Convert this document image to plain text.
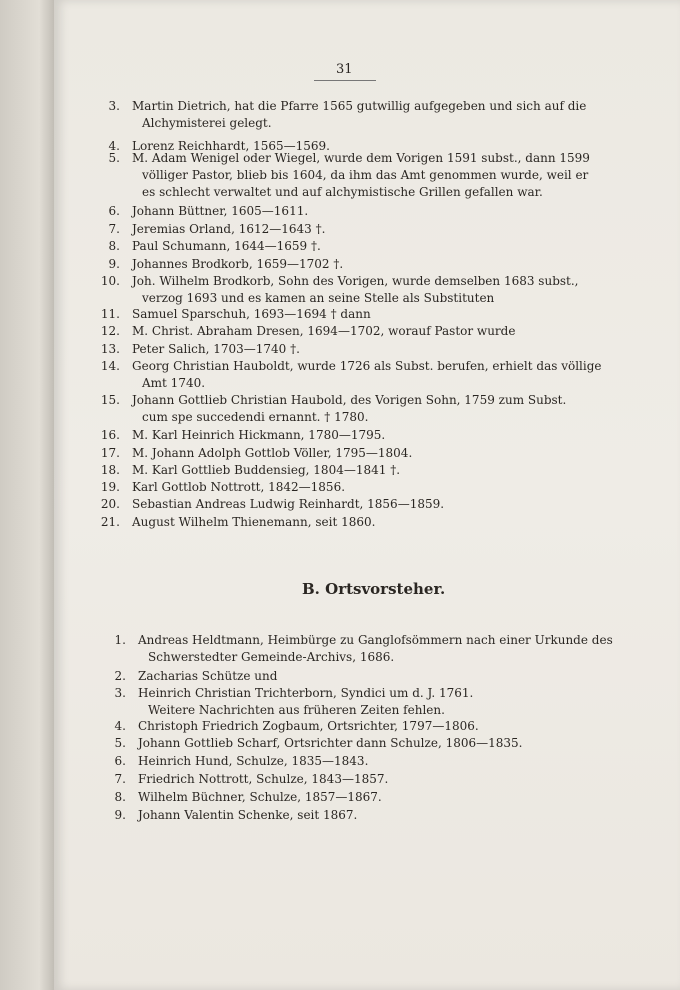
31
3. Martin Dietrich, hat die Pfarre 1565 gutwillig aufgegeben und sich auf die
Alchymisterei gelegt.
4. Lorenz Reichhardt, 1565—1569.
5. M. Adam Wenigel oder Wiegel, wurde dem Vorigen 1591 subst., dann 1599
völliger Pastor, blieb bis 1604, da ihm das Amt genommen wurde, weil er
es schlecht verwaltet und auf alchymistische Grillen gefallen war.
6. Johann Büttner, 1605—1611.
7. Jeremias Orland, 1612—1643 †.
8. Paul Schumann, 1644—1659 †.
9. Johannes Brodkorb, 1659—1702 †.
10. Joh. Wilhelm Brodkorb, Sohn des Vorigen, wurde demselben 1683 subst.,
verzog 1693 und es kamen an seine Stelle als Substituten
11. Samuel Sparschuh, 1693—1694 † dann
12. M. Christ. Abraham Dresen, 1694—1702, worauf Pastor wurde
13. Peter Salich, 1703—1740 †.
14. Georg Christian Hauboldt, wurde 1726 als Subst. berufen, erhielt das völlige
Amt 1740.
15. Johann Gottlieb Christian Haubold, des Vorigen Sohn, 1759 zum Subst.
cum spe succedendi ernannt. † 1780.
16. M. Karl Heinrich Hickmann, 1780—1795.
17. M. Johann Adolph Gottlob Völler, 1795—1804.
18. M. Karl Gottlieb Buddensieg, 1804—1841 †.
19. Karl Gottlob Nottrott, 1842—1856.
20. Sebastian Andreas Ludwig Reinhardt, 1856—1859.
21. August Wilhelm Thienemann, seit 1860.
B. Ortsvorsteher.
1. Andreas Heldtmann, Heimbürge zu Ganglofsömmern nach einer Urkunde des
Schwerstedter Gemeinde-Archivs, 1686.
2. Zacharias Schütze und
3. Heinrich Christian Trichterborn, Syndici um d. J. 1761.
Weitere Nachrichten aus früheren Zeiten fehlen.
4. Christoph Friedrich Zogbaum, Ortsrichter, 1797—1806.
5. Johann Gottlieb Scharf, Ortsrichter dann Schulze, 1806—1835.
6. Heinrich Hund, Schulze, 1835—1843.
7. Friedrich Nottrott, Schulze, 1843—1857.
8. Wilhelm Büchner, Schulze, 1857—1867.
9. Johann Valentin Schenke, seit 1867.
